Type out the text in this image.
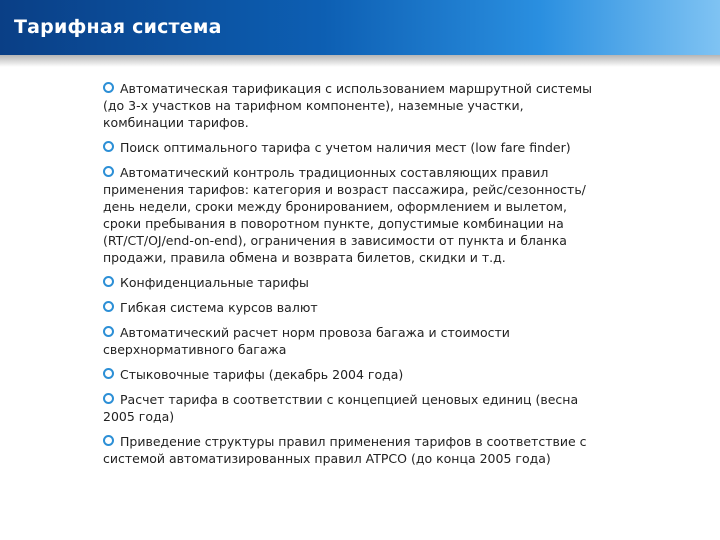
Тарифная система
Автоматическая тарификация с использованием маршрутной системы (до 3-х участков на тарифном компоненте), наземные участки, комбинации тарифов.
Поиск оптимального тарифа с учетом наличия мест (low fare finder)
Автоматический контроль традиционных составляющих правил применения тарифов: категория и возраст пассажира, рейс/сезонность/день недели, сроки между бронированием, оформлением и вылетом, сроки пребывания в поворотном пункте, допустимые комбинации на (RT/CT/OJ/end-on-end), ограничения в зависимости от пункта и бланка продажи, правила обмена и возврата билетов, скидки и т.д.
Конфиденциальные тарифы
Гибкая система курсов валют
Автоматический расчет норм провоза багажа и стоимости сверхнормативного багажа
Стыковочные тарифы (декабрь 2004 года)
Расчет тарифа в соответствии с концепцией ценовых единиц (весна 2005 года)
Приведение структуры правил применения тарифов в соответствие с системой автоматизированных правил ATPCO (до конца 2005 года)
